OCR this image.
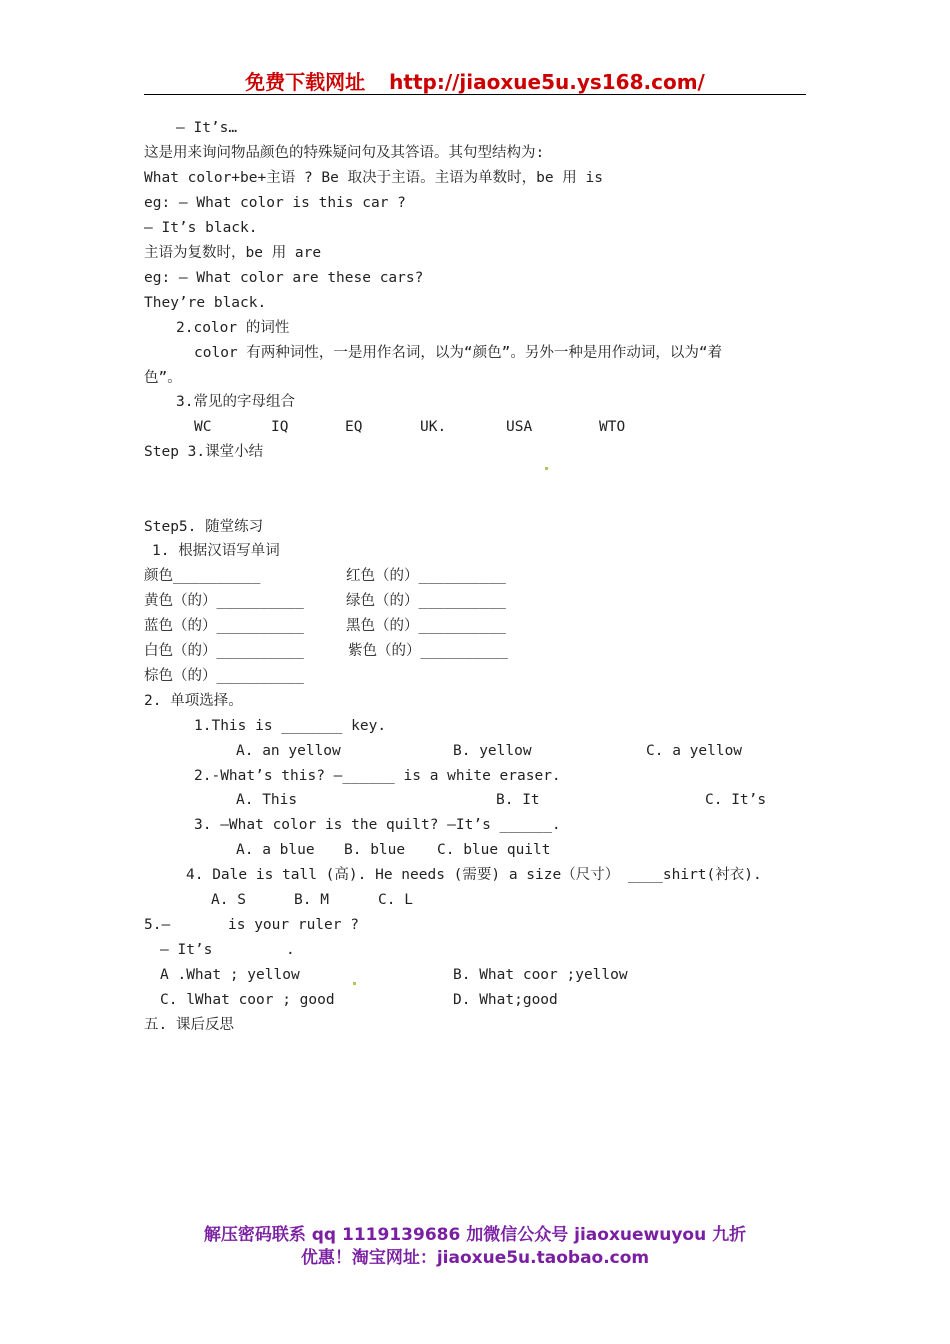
免费下载网址 http://jiaoxue5u.ys168.com/
— It’s…
这是用来询问物品颜色的特殊疑问句及其答语。其句型结构为:
What color+be+主语 ? Be 取决于主语。主语为单数时，be 用 is
eg: — What color is this car ?
— It’s black.
主语为复数时，be 用 are
eg: — What color are these cars?
They’re black.
2.color 的词性
color 有两种词性，一是用作名词，以为“颜色”。另外一种是用作动词，以为“着
色”。
3.常见的字母组合
WC	IQ	EQ	UK.	USA	WTO
Step 3.课堂小结
Step5. 随堂练习
1. 根据汉语写单词
颜色__________	红色（的）__________
黄色（的）__________	绿色（的）__________
蓝色（的）__________	黑色（的）__________
白色（的）__________	紫色（的）__________
棕色（的）__________
2. 单项选择。
1.This is _______ key.
A. an yellow	B. yellow	C. a yellow
2.-What’s this? —______ is a white eraser.
A. This	B. It	C. It’s
3. —What color is the quilt? —It’s ______.
A. a blue B. blue C. blue quilt
4. Dale is tall (高). He needs (需要) a size（尺寸） ____shirt(衬衣).
A. S	B. M	C. L
5.—	is your ruler ?
— It’s	.
A .What ; yellow	B. What coor ;yellow
C. lWhat coor ; good	D. What;good
五. 课后反思
解压密码联系 qq 1119139686 加微信公众号 jiaoxuewuyou 九折
优惠！淘宝网址：jiaoxue5u.taobao.com
